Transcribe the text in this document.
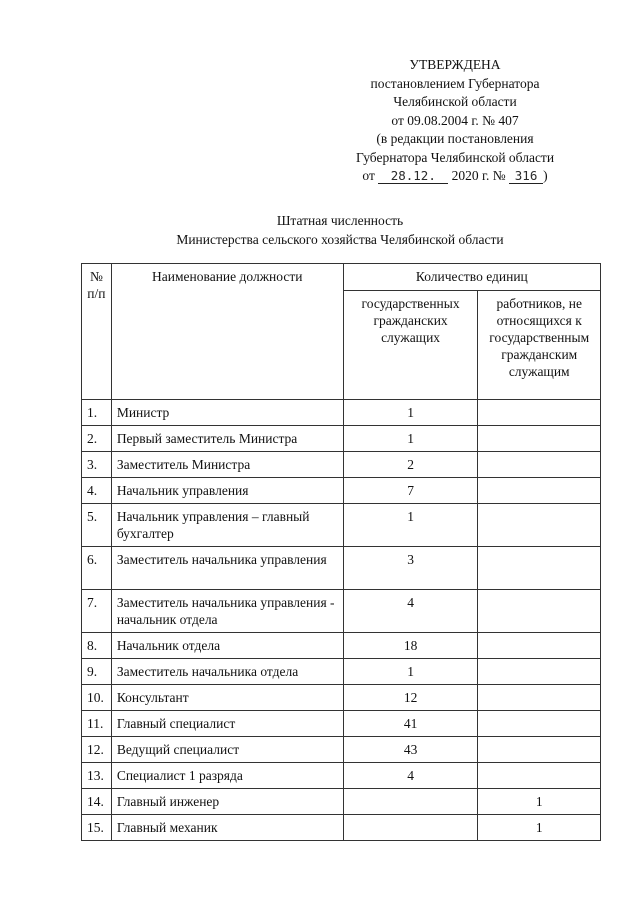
УТВЕРЖДЕНА
постановлением Губернатора
Челябинской области
от 09.08.2004 г. № 407
(в редакции постановления
Губернатора Челябинской области
от 28.12. 2020 г. № 316 )
Штатная численность
Министерства сельского хозяйства Челябинской области
№ п/п	Наименование должности	Количество единиц	
		государственных гражданских служащих	работников, не относящихся к государственным гражданским служащим
1.	Министр	1	
2.	Первый заместитель Министра	1	
3.	Заместитель Министра	2	
4.	Начальник управления	7	
5.	Начальник управления – главный бухгалтер	1	
6.	Заместитель начальника управления	3	
7.	Заместитель начальника управления - начальник отдела	4	
8.	Начальник отдела	18	
9.	Заместитель начальника отдела	1	
10.	Консультант	12	
11.	Главный специалист	41	
12.	Ведущий специалист	43	
13.	Специалист 1 разряда	4	
14.	Главный инженер		1
15.	Главный механик		1
